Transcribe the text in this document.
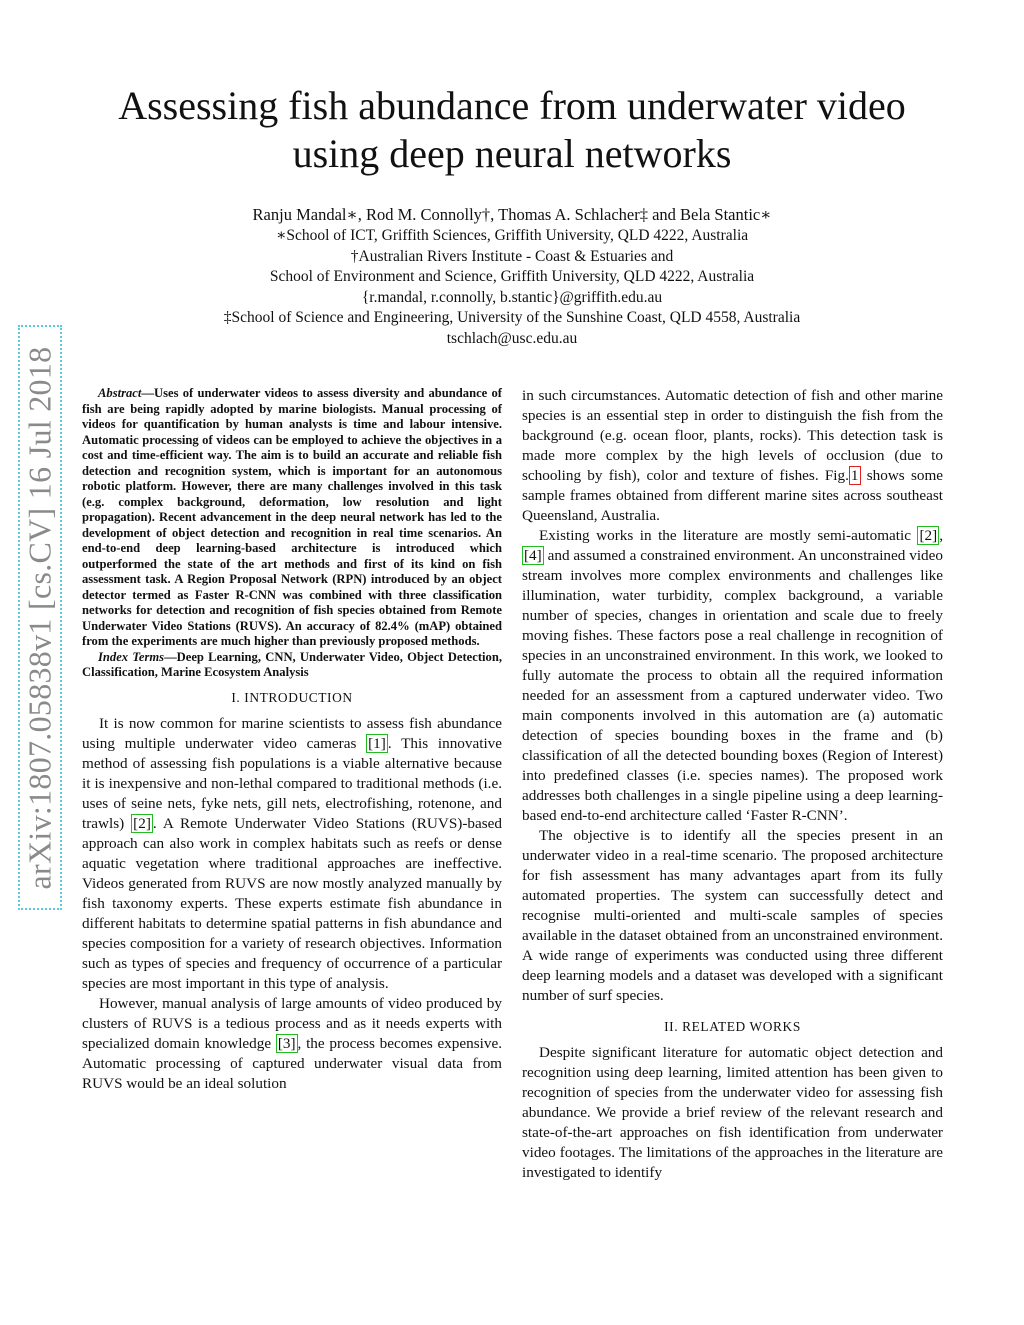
arXiv:1807.05838v1 [cs.CV] 16 Jul 2018
Assessing fish abundance from underwater video
using deep neural networks
Ranju Mandal∗, Rod M. Connolly†, Thomas A. Schlacher‡ and Bela Stantic∗
∗School of ICT, Griffith Sciences, Griffith University, QLD 4222, Australia
†Australian Rivers Institute - Coast & Estuaries and
School of Environment and Science, Griffith University, QLD 4222, Australia
{r.mandal, r.connolly, b.stantic}@griffith.edu.au
‡School of Science and Engineering, University of the Sunshine Coast, QLD 4558, Australia
tschlach@usc.edu.au

Abstract—Uses of underwater videos to assess diversity and abundance of fish are being rapidly adopted by marine biologists. Manual processing of videos for quantification by human analysts is time and labour intensive. Automatic processing of videos can be employed to achieve the objectives in a cost and time-efficient way. The aim is to build an accurate and reliable fish detection and recognition system, which is important for an autonomous robotic platform. However, there are many challenges involved in this task (e.g. complex background, deformation, low resolution and light propagation). Recent advancement in the deep neural network has led to the development of object detection and recognition in real time scenarios. An end-to-end deep learning-based architecture is introduced which outperformed the state of the art methods and first of its kind on fish assessment task. A Region Proposal Network (RPN) introduced by an object detector termed as Faster R-CNN was combined with three classification networks for detection and recognition of fish species obtained from Remote Underwater Video Stations (RUVS). An accuracy of 82.4% (mAP) obtained from the experiments are much higher than previously proposed methods.

Index Terms—Deep Learning, CNN, Underwater Video, Object Detection, Classification, Marine Ecosystem Analysis

I. INTRODUCTION

It is now common for marine scientists to assess fish abundance using multiple underwater video cameras [1] . This innovative method of assessing fish populations is a viable alternative because it is inexpensive and non-lethal compared to traditional methods (i.e. uses of seine nets, fyke nets, gill nets, electrofishing, rotenone, and trawls) [2] . A Remote Underwater Video Stations (RUVS)-based approach can also work in complex habitats such as reefs or dense aquatic vegetation where traditional approaches are ineffective. Videos generated from RUVS are now mostly analyzed manually by fish taxonomy experts. These experts estimate fish abundance in different habitats to determine spatial patterns in fish abundance and species composition for a variety of research objectives. Information such as types of species and frequency of occurrence of a particular species are most important in this type of analysis.

However, manual analysis of large amounts of video produced by clusters of RUVS is a tedious process and as it needs experts with specialized domain knowledge [3] , the process becomes expensive. Automatic processing of captured underwater visual data from RUVS would be an ideal solution

in such circumstances. Automatic detection of fish and other marine species is an essential step in order to distinguish the fish from the background (e.g. ocean floor, plants, rocks). This detection task is made more complex by the high levels of occlusion (due to schooling by fish), color and texture of fishes. Fig. 1 shows some sample frames obtained from different marine sites across southeast Queensland, Australia.

Existing works in the literature are mostly semi-automatic [2] , [4] and assumed a constrained environment. An unconstrained video stream involves more complex environments and challenges like illumination, water turbidity, complex background, a variable number of species, changes in orientation and scale due to freely moving fishes. These factors pose a real challenge in recognition of species in an unconstrained environment. In this work, we looked to fully automate the process to obtain all the required information needed for an assessment from a captured underwater video. Two main components involved in this automation are (a) automatic detection of species bounding boxes in the frame and (b) classification of all the detected bounding boxes (Region of Interest) into predefined classes (i.e. species names). The proposed work addresses both challenges in a single pipeline using a deep learning-based end-to-end architecture called ‘Faster R-CNN’.

The objective is to identify all the species present in an underwater video in a real-time scenario. The proposed architecture for fish assessment has many advantages apart from its fully automated properties. The system can successfully detect and recognise multi-oriented and multi-scale samples of species available in the dataset obtained from an unconstrained environment. A wide range of experiments was conducted using three different deep learning models and a dataset was developed with a significant number of surf species.

II. RELATED WORKS

Despite significant literature for automatic object detection and recognition using deep learning, limited attention has been given to recognition of species from the underwater video for assessing fish abundance. We provide a brief review of the relevant research and state-of-the-art approaches on fish identification from underwater video footages. The limitations of the approaches in the literature are investigated to identify
